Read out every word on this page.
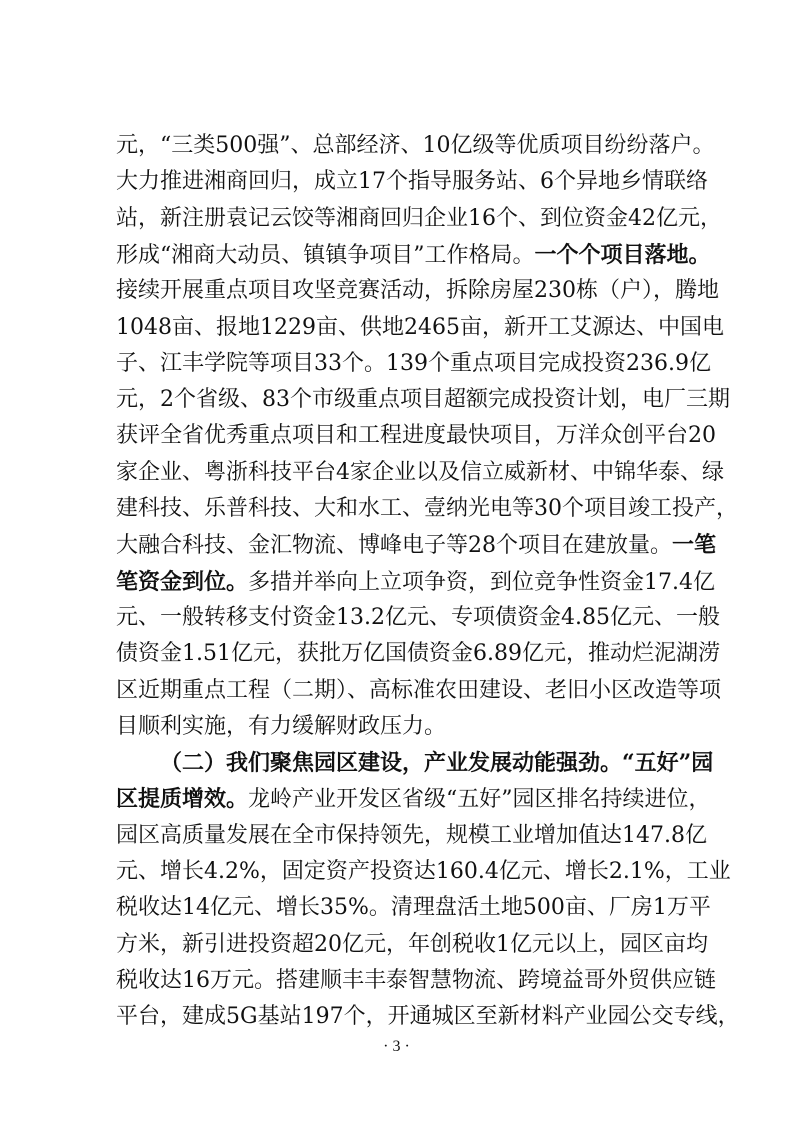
元，“三类500强”、总部经济、10亿级等优质项目纷纷落户。
大力推进湘商回归，成立17个指导服务站、6个异地乡情联络
站，新注册袁记云饺等湘商回归企业16个、到位资金42亿元，
形成“湘商大动员、镇镇争项目”工作格局。一个个项目落地。
接续开展重点项目攻坚竞赛活动，拆除房屋230栋（户），腾地
1048亩、报地1229亩、供地2465亩，新开工艾源达、中国电
子、江丰学院等项目33个。139个重点项目完成投资236.9亿
元，2个省级、83个市级重点项目超额完成投资计划，电厂三期
获评全省优秀重点项目和工程进度最快项目，万洋众创平台20
家企业、粤浙科技平台4家企业以及信立威新材、中锦华泰、绿
建科技、乐普科技、大和水工、壹纳光电等30个项目竣工投产，
大融合科技、金汇物流、博峰电子等28个项目在建放量。一笔
笔资金到位。多措并举向上立项争资，到位竞争性资金17.4亿
元、一般转移支付资金13.2亿元、专项债资金4.85亿元、一般
债资金1.51亿元，获批万亿国债资金6.89亿元，推动烂泥湖涝
区近期重点工程（二期）、高标准农田建设、老旧小区改造等项
目顺利实施，有力缓解财政压力。
（二）我们聚焦园区建设，产业发展动能强劲。“五好”园
区提质增效。龙岭产业开发区省级“五好”园区排名持续进位，
园区高质量发展在全市保持领先，规模工业增加值达147.8亿
元、增长4.2%，固定资产投资达160.4亿元、增长2.1%，工业
税收达14亿元、增长35%。清理盘活土地500亩、厂房1万平
方米，新引进投资超20亿元，年创税收1亿元以上，园区亩均
税收达16万元。搭建顺丰丰泰智慧物流、跨境益哥外贸供应链
平台，建成5G基站197个，开通城区至新材料产业园公交专线，
· 3 ·
